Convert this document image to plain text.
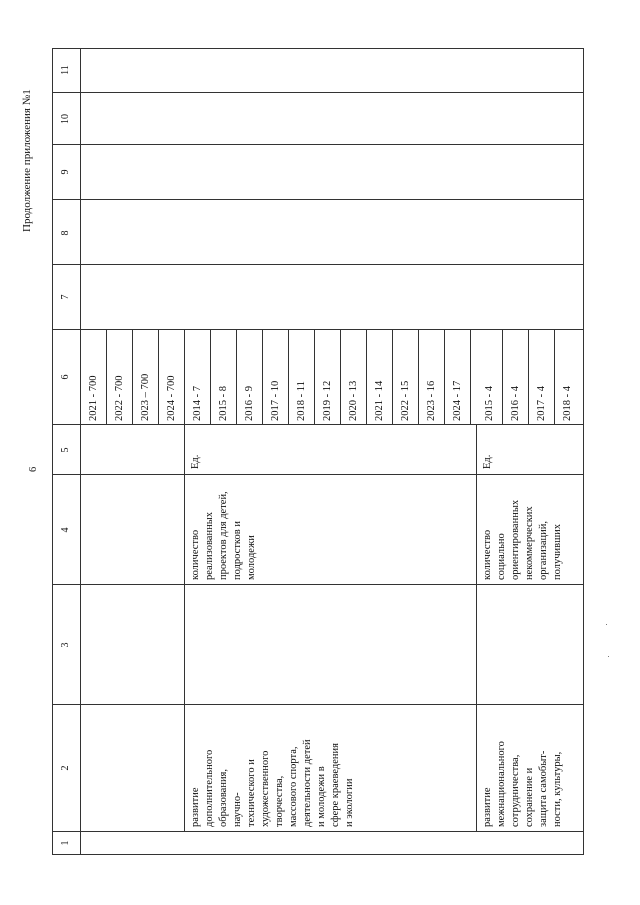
6
Продолжение приложения №1
1
2
3
4
5
6
7
8
9
10
11
2021 - 700 2022 - 700 2023 – 700 2024 - 700
развитие дополнительного образования, научно- технического и художественного творчества, массового спорта, деятельности детей и молодежи в сфере краеведения и экологии
количество реализованных проектов для детей, подростков и молодежи
Ед.
2014 - 7 2015 - 8 2016 - 9 2017 - 10 2018 - 11 2019 - 12 2020 - 13 2021 - 14 2022 - 15 2023 - 16 2024 - 17
развитие межнационального сотрудничества, сохранение и защита самобыт- ности, культуры,
количество социально ориентированных некоммерческих организаций, получивших
Ед.
2015 - 4 2016 - 4 2017 - 4 2018 - 4
